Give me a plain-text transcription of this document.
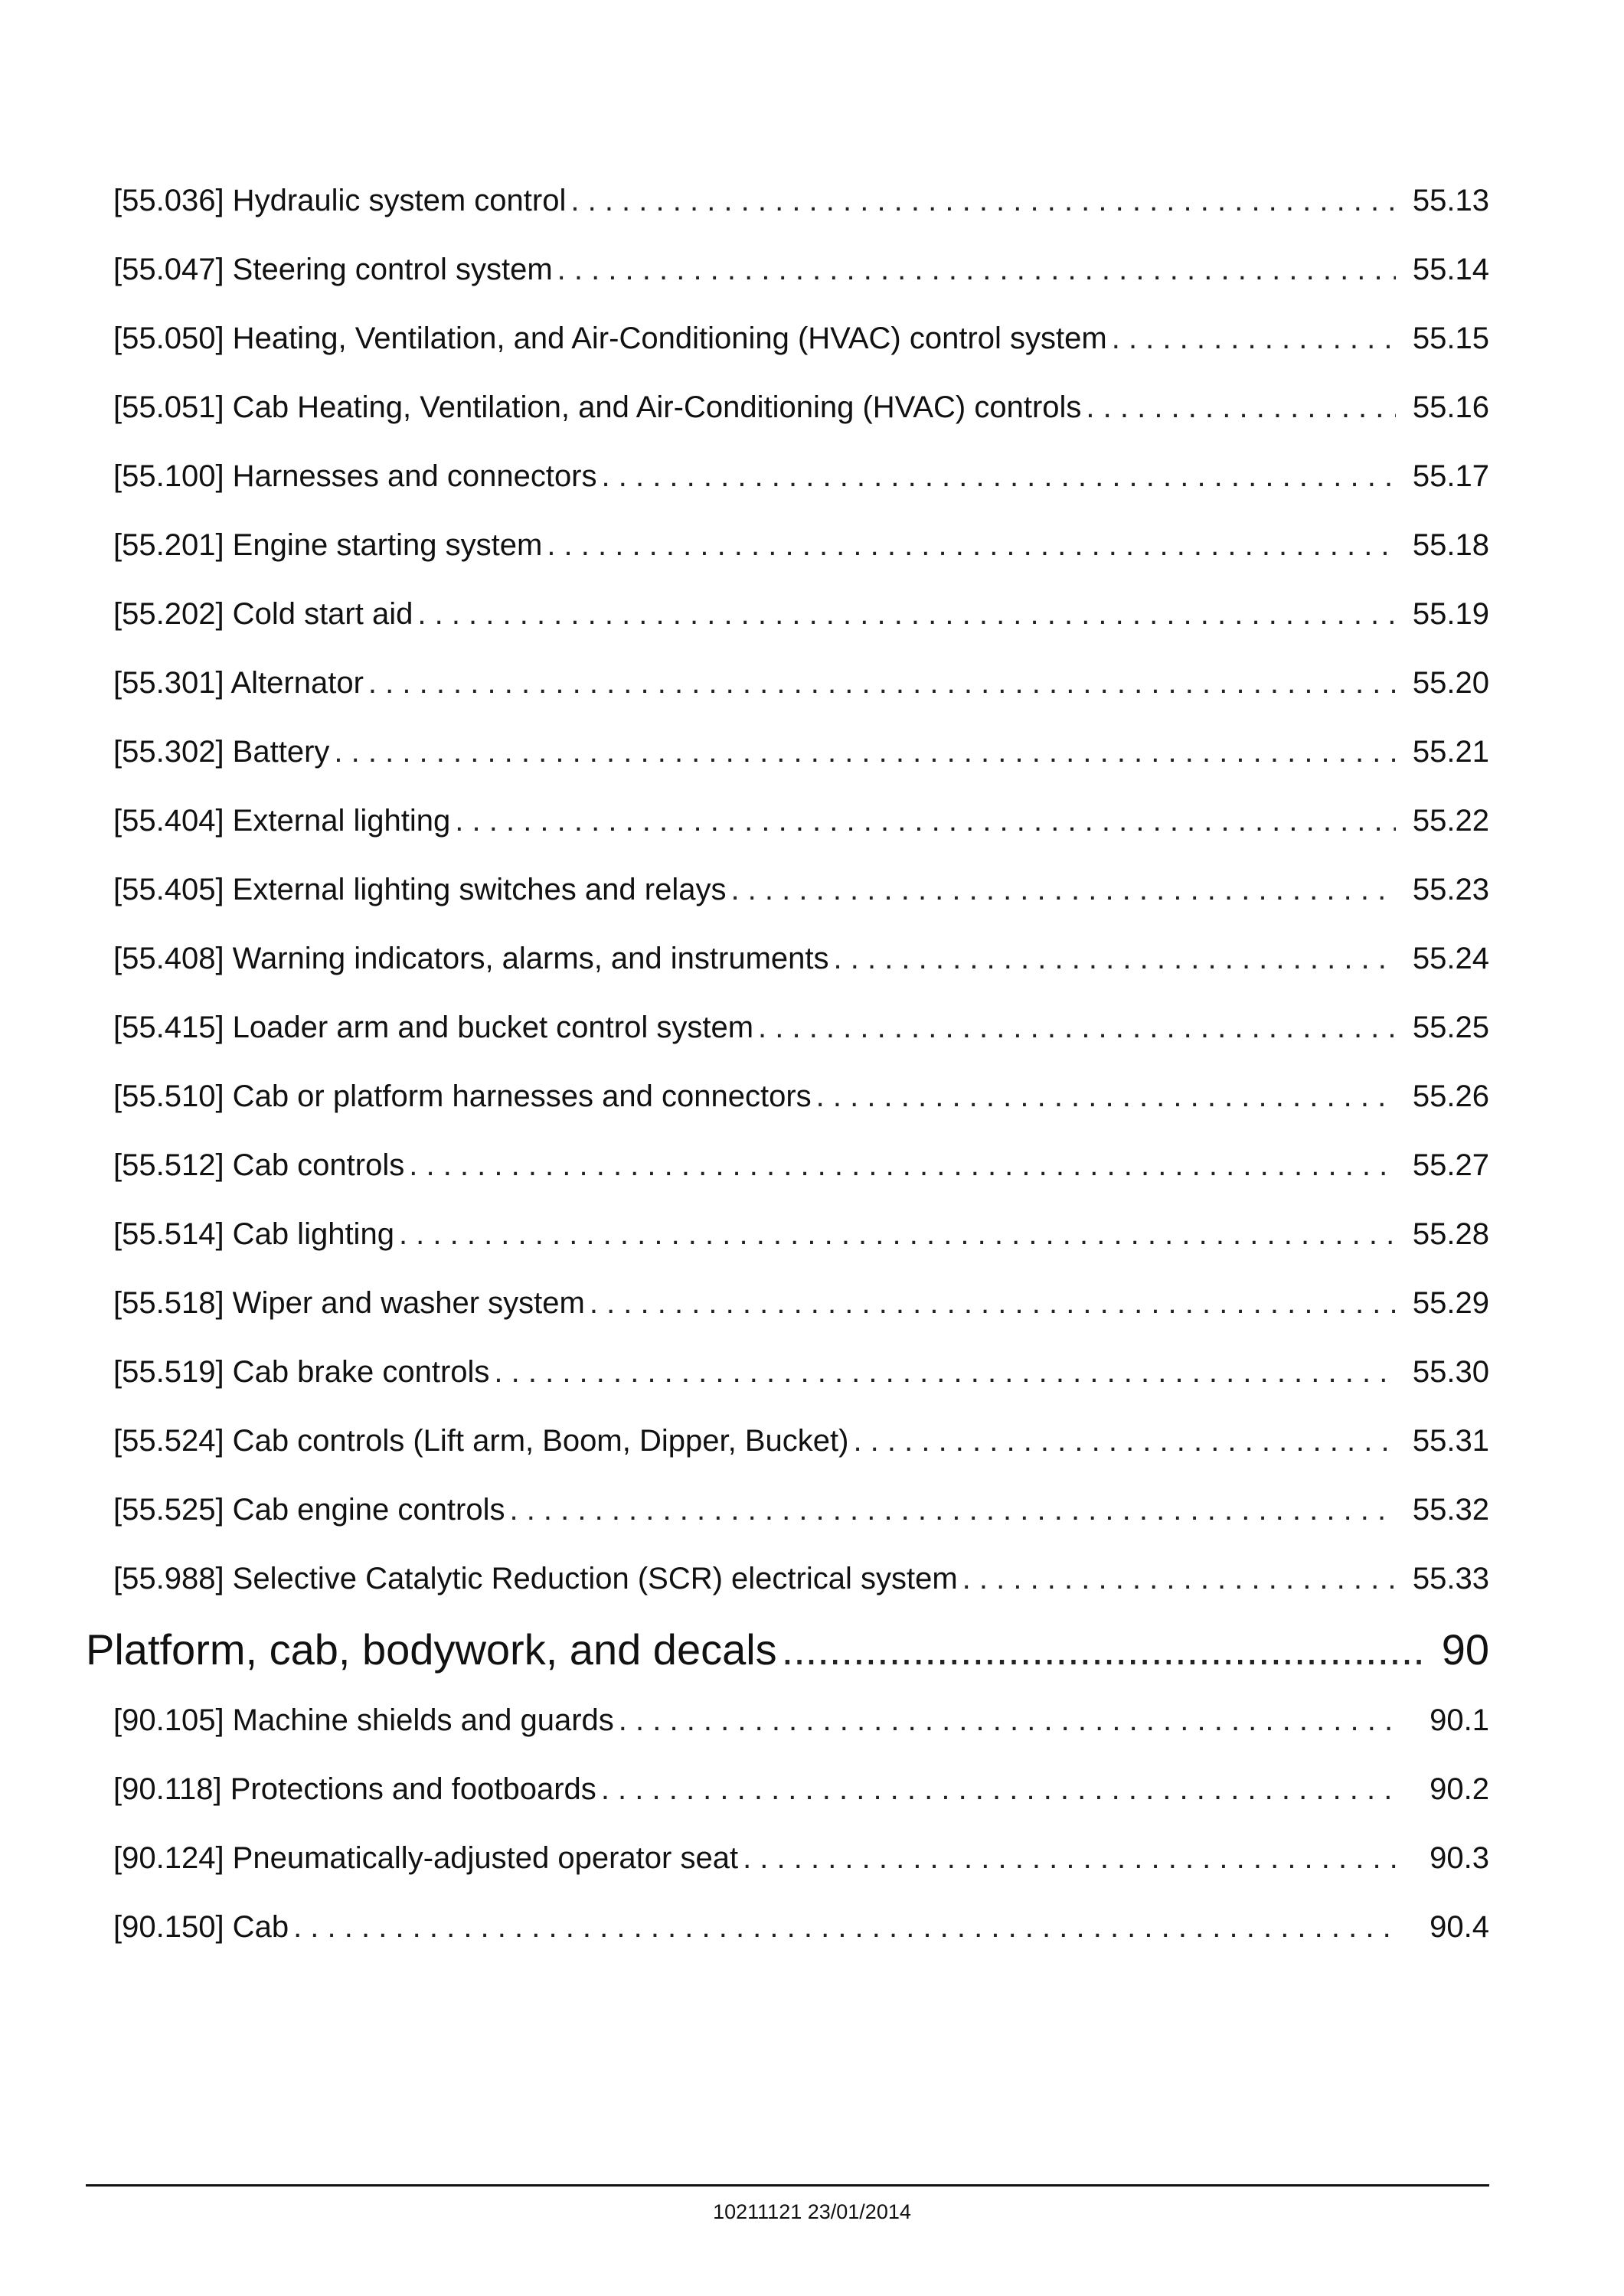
[55.036] Hydraulic system control . . .	55.13
[55.047] Steering control system . . .	55.14
[55.050] Heating, Ventilation, and Air-Conditioning (HVAC) control system . . .	55.15
[55.051] Cab Heating, Ventilation, and Air-Conditioning (HVAC) controls . . .	55.16
[55.100] Harnesses and connectors . . .	55.17
[55.201] Engine starting system . . .	55.18
[55.202] Cold start aid . . .	55.19
[55.301] Alternator . . .	55.20
[55.302] Battery . . .	55.21
[55.404] External lighting . . .	55.22
[55.405] External lighting switches and relays . . .	55.23
[55.408] Warning indicators, alarms, and instruments . . .	55.24
[55.415] Loader arm and bucket control system . . .	55.25
[55.510] Cab or platform harnesses and connectors . . .	55.26
[55.512] Cab controls . . .	55.27
[55.514] Cab lighting . . .	55.28
[55.518] Wiper and washer system . . .	55.29
[55.519] Cab brake controls . . .	55.30
[55.524] Cab controls (Lift arm, Boom, Dipper, Bucket) . . .	55.31
[55.525] Cab engine controls . . .	55.32
[55.988] Selective Catalytic Reduction (SCR) electrical system . . .	55.33
Platform, cab, bodywork, and decals .....	90
[90.105] Machine shields and guards . . .	90.1
[90.118] Protections and footboards . . .	90.2
[90.124] Pneumatically-adjusted operator seat . . .	90.3
[90.150] Cab . . .	90.4
10211121 23/01/2014
